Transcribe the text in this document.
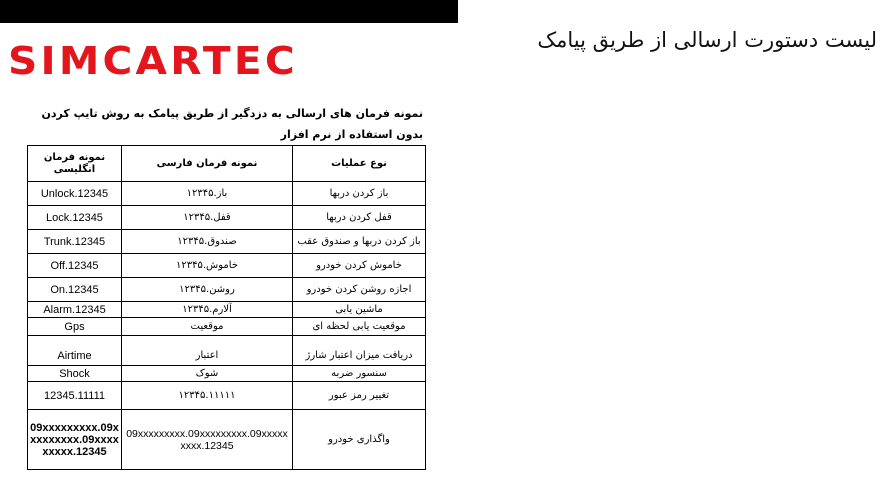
لیست دستورت ارسالی از طریق پیامک
SIMCARTEC
نمونه فرمان های ارسالی به دزدگیر از طریق پیامک به روش تایپ کردن بدون استفاده از نرم افزار
نمونه فرمان انگلیسی	نمونه فرمان فارسی	نوع عملیات
Unlock.12345	باز.۱۲۳۴۵	باز کردن دربها
Lock.12345	قفل.۱۲۳۴۵	قفل کردن دربها
Trunk.12345	صندوق.۱۲۳۴۵	باز کردن دربها و صندوق عقب
Off.12345	خاموش.۱۲۳۴۵	خاموش کردن خودرو
On.12345	روشن.۱۲۳۴۵	اجازه روشن کردن خودرو
Alarm.12345	آلارم.۱۲۳۴۵	ماشین یابی
Gps	موقعیت	موقعیت یابی لحظه ای
Airtime	اعتبار	دریافت میزان اعتبار شارژ
Shock	شوک	سنسور ضربه
12345.11111	۱۲۳۴۵.۱۱۱۱۱	تغییر رمز عبور
09xxxxxxxxx.09xxxxxxxxx.09xxxxxxxxx.12345	09xxxxxxxxx.09xxxxxxxxx.09xxxxxxxxx.12345	واگذاری خودرو
